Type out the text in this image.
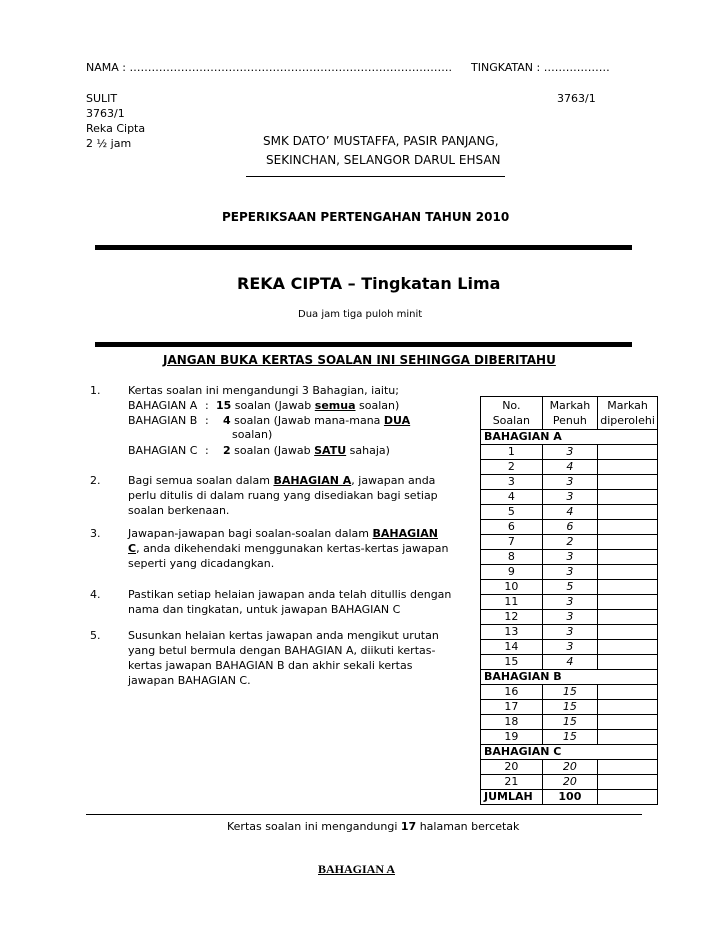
NAMA : ……………………………………………………………………………. TINGKATAN : ………………
SULIT	3763/1
3763/1
Reka Cipta
2 ½ jam	SMK DATO’ MUSTAFFA, PASIR PANJANG,
SEKINCHAN, SELANGOR DARUL EHSAN
PEPERIKSAAN PERTENGAHAN TAHUN 2010
REKA CIPTA – Tingkatan Lima
Dua jam tiga puloh minit
JANGAN BUKA KERTAS SOALAN INI SEHINGGA DIBERITAHU
1.	Kertas soalan ini mengandungi 3 Bahagian, iaitu;
BAHAGIAN A : 15 soalan (Jawab semua soalan)
BAHAGIAN B : 4 soalan (Jawab mana-mana DUA
soalan)
BAHAGIAN C : 2 soalan (Jawab SATU sahaja)
2.	Bagi semua soalan dalam BAHAGIAN A, jawapan anda
perlu ditulis di dalam ruang yang disediakan bagi setiap
soalan berkenaan.
3.	Jawapan-jawapan bagi soalan-soalan dalam BAHAGIAN
C, anda dikehendaki menggunakan kertas-kertas jawapan
seperti yang dicadangkan.
4.	Pastikan setiap helaian jawapan anda telah ditullis dengan
nama dan tingkatan, untuk jawapan BAHAGIAN C
5.	Susunkan helaian kertas jawapan anda mengikut urutan
yang betul bermula dengan BAHAGIAN A, diikuti kertas-
kertas jawapan BAHAGIAN B dan akhir sekali kertas
jawapan BAHAGIAN C.
No.	Markah	Markah
Soalan	Penuh	diperolehi
BAHAGIAN A		
1	3	
2	4	
3	3	
4	3	
5	4	
6	6	
7	2	
8	3	
9	3	
10	5	
11	3	
12	3	
13	3	
14	3	
15	4	
BAHAGIAN B		
16	15	
17	15	
18	15	
19	15	
BAHAGIAN C		
20	20	
21	20	
JUMLAH	100	
Kertas soalan ini mengandungi 17 halaman bercetak
BAHAGIAN A
